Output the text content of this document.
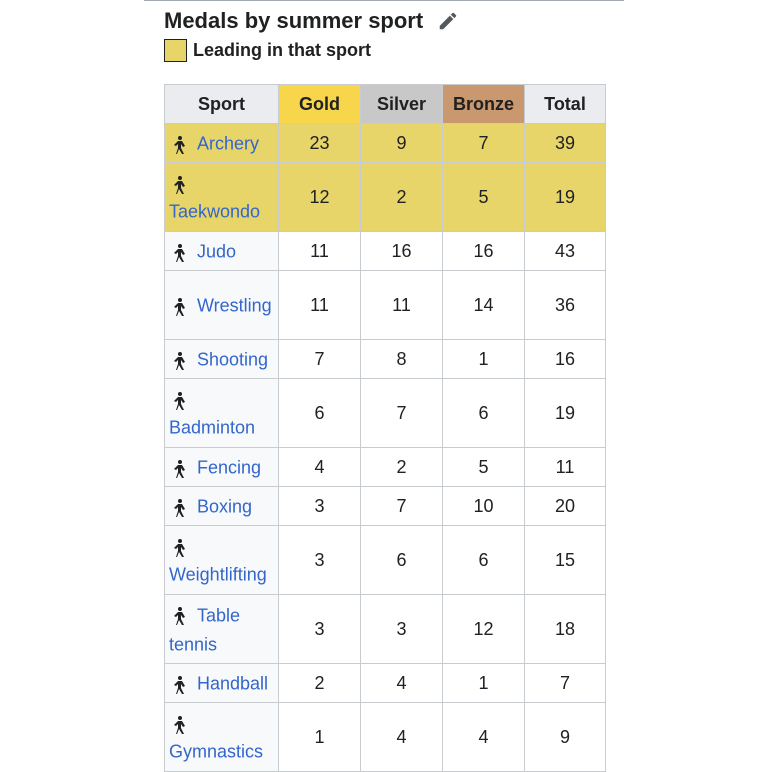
Medals by summer sport
Leading in that sport
Sport	Gold	Silver	Bronze	Total
Archery	23	9	7	39
Taekwondo	12	2	5	19
Judo	11	16	16	43
Wrestling	11	11	14	36
Shooting	7	8	1	16
Badminton	6	7	6	19
Fencing	4	2	5	11
Boxing	3	7	10	20
Weightlifting	3	6	6	15
Table tennis	3	3	12	18
Handball	2	4	1	7
Gymnastics	1	4	4	9
